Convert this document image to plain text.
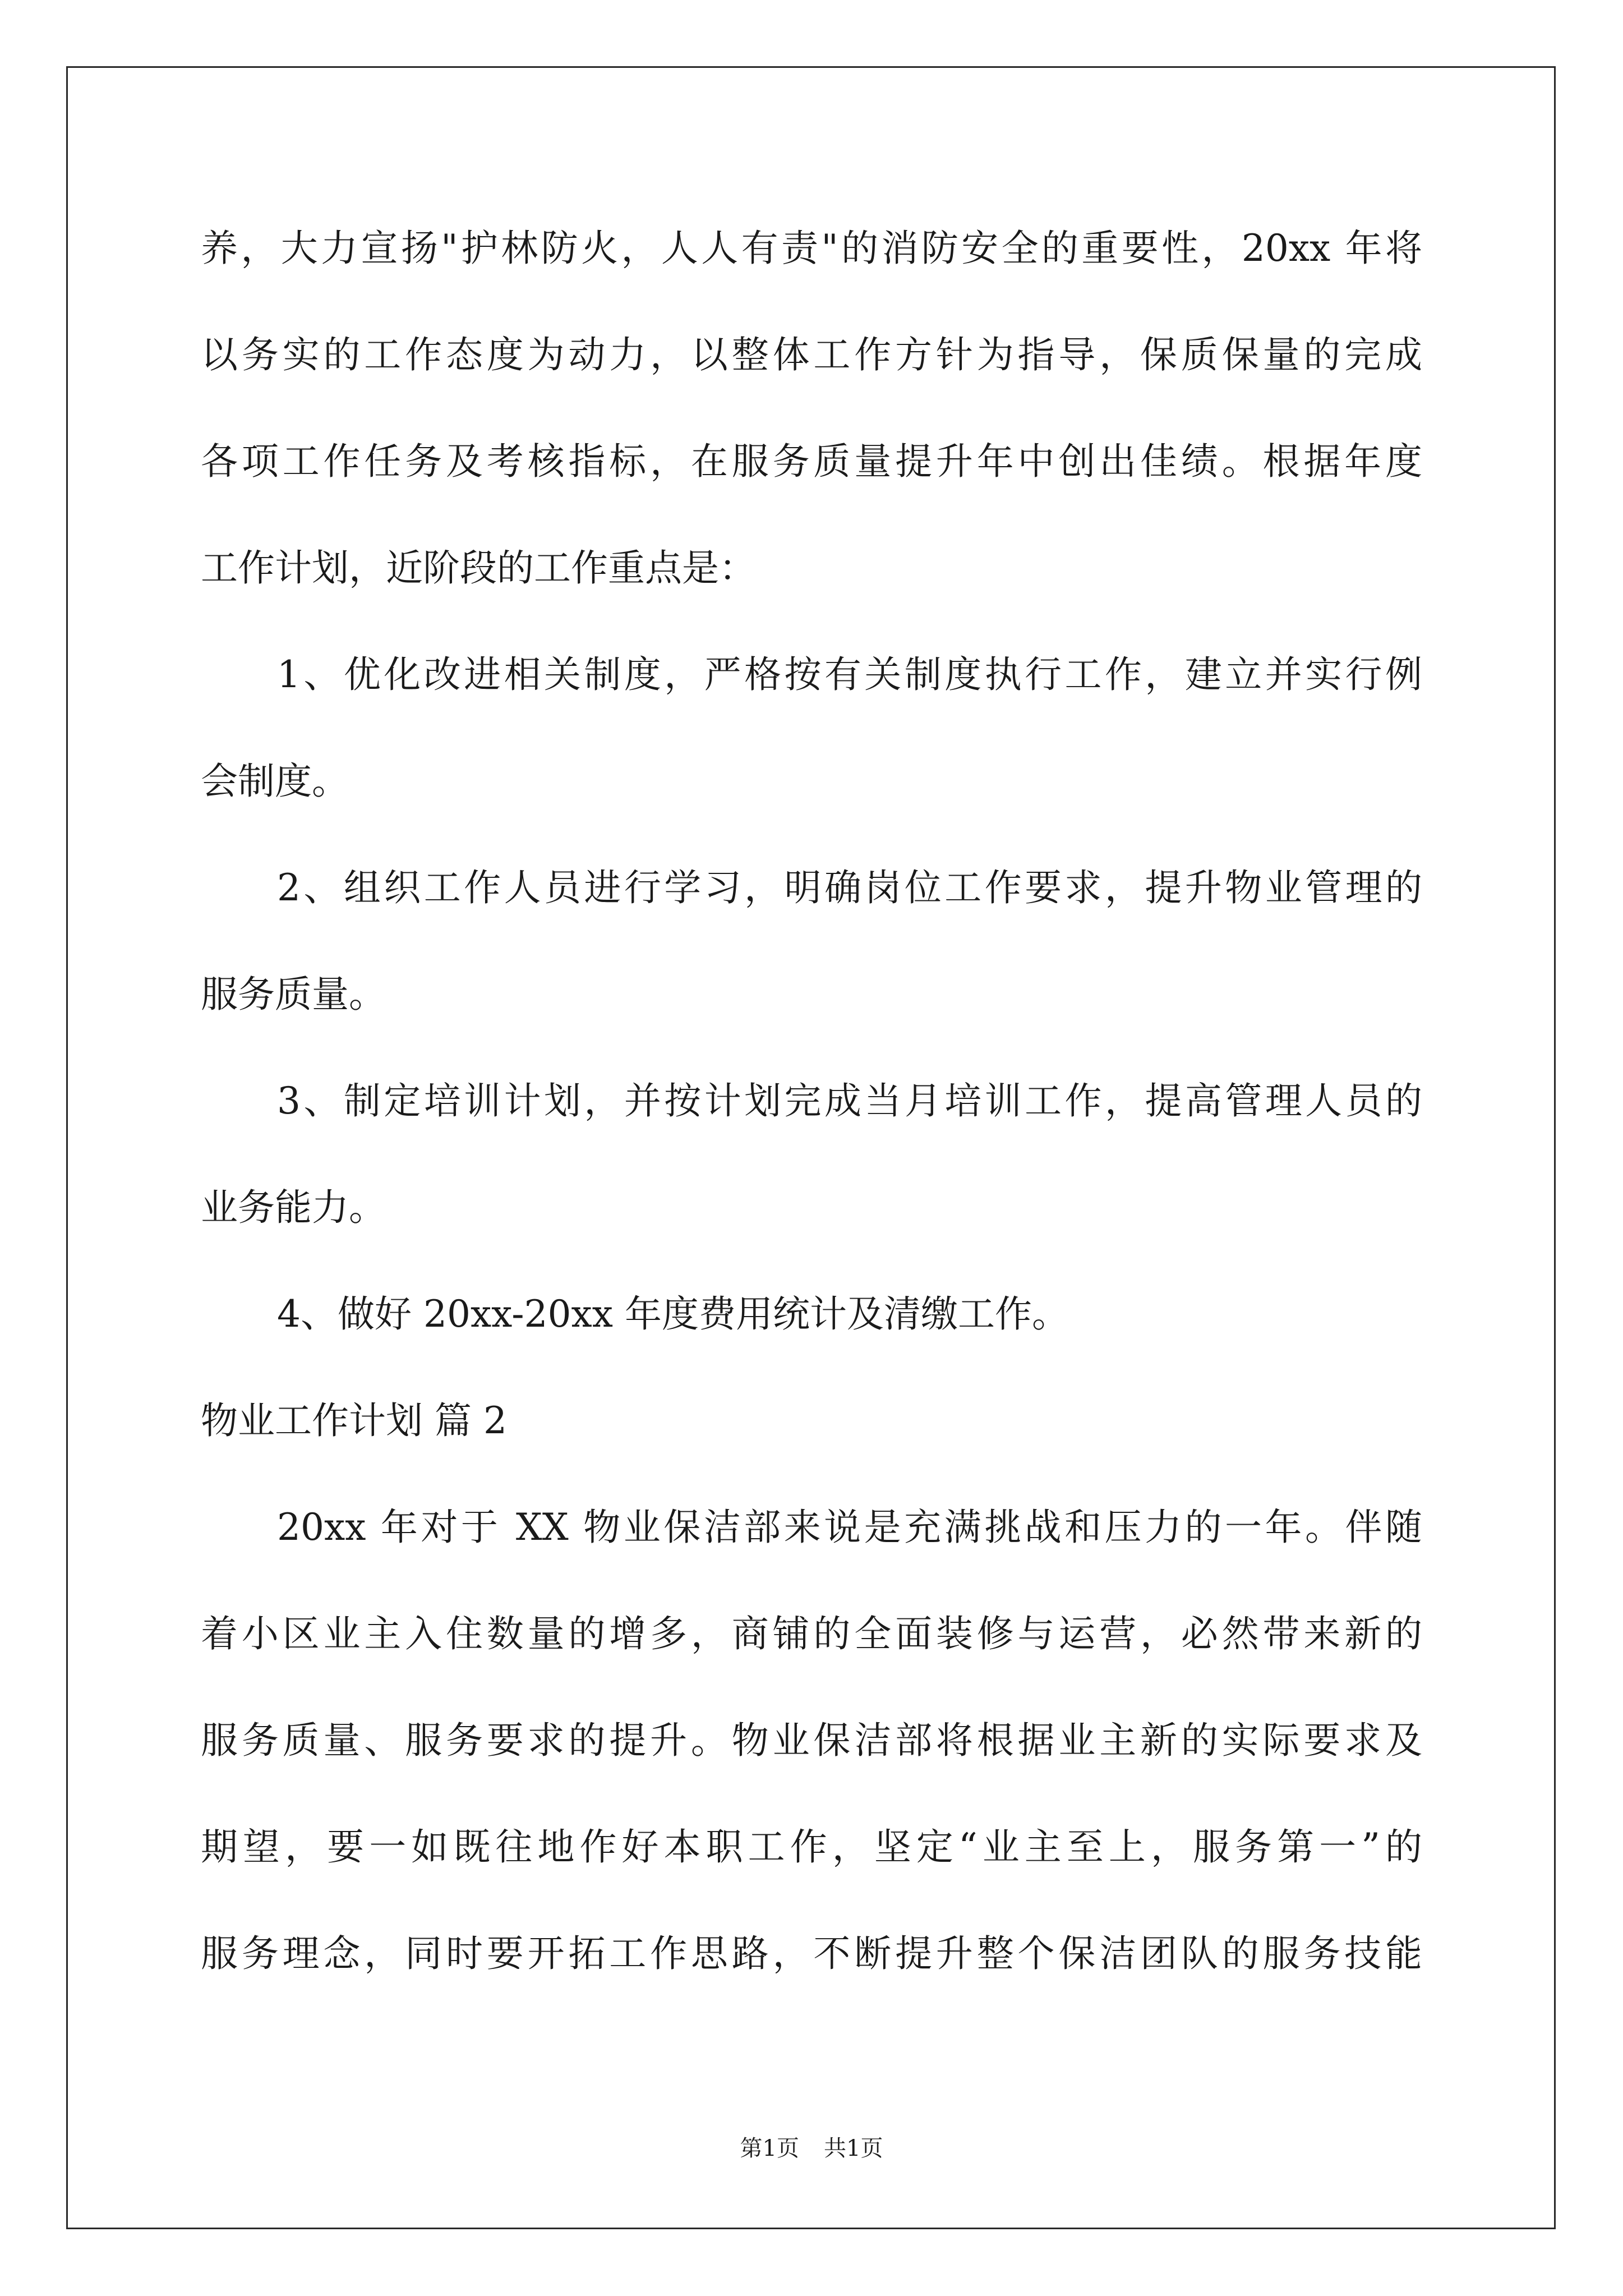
养，大力宣扬"护林防火，人人有责"的消防安全的重要性，20xx 年将
以务实的工作态度为动力，以整体工作方针为指导，保质保量的完成
各项工作任务及考核指标，在服务质量提升年中创出佳绩。根据年度
工作计划，近阶段的工作重点是：
1、优化改进相关制度，严格按有关制度执行工作，建立并实行例
会制度。
2、组织工作人员进行学习，明确岗位工作要求，提升物业管理的
服务质量。
3、制定培训计划，并按计划完成当月培训工作，提高管理人员的
业务能力。
4、做好 20xx-20xx 年度费用统计及清缴工作。
物业工作计划 篇 2
20xx 年对于 XX 物业保洁部来说是充满挑战和压力的一年。伴随
着小区业主入住数量的增多，商铺的全面装修与运营，必然带来新的
服务质量、服务要求的提升。物业保洁部将根据业主新的实际要求及
期望，要一如既往地作好本职工作，坚定“业主至上，服务第一”的
服务理念，同时要开拓工作思路，不断提升整个保洁团队的服务技能
第1页 共1页
